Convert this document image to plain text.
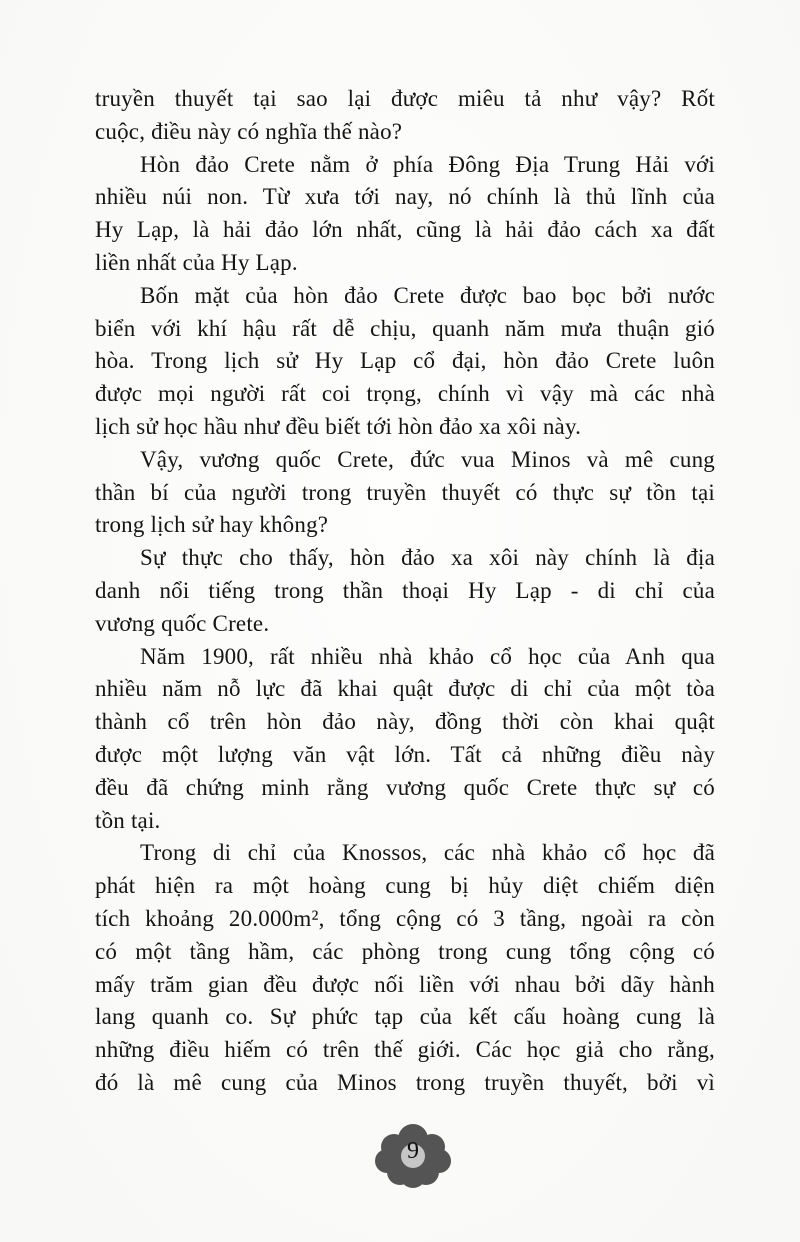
truyền thuyết tại sao lại được miêu tả như vậy? Rốt
cuộc, điều này có nghĩa thế nào?
Hòn đảo Crete nằm ở phía Đông Địa Trung Hải với
nhiều núi non. Từ xưa tới nay, nó chính là thủ lĩnh của
Hy Lạp, là hải đảo lớn nhất, cũng là hải đảo cách xa đất
liền nhất của Hy Lạp.
Bốn mặt của hòn đảo Crete được bao bọc bởi nước
biển với khí hậu rất dễ chịu, quanh năm mưa thuận gió
hòa. Trong lịch sử Hy Lạp cổ đại, hòn đảo Crete luôn
được mọi người rất coi trọng, chính vì vậy mà các nhà
lịch sử học hầu như đều biết tới hòn đảo xa xôi này.
Vậy, vương quốc Crete, đức vua Minos và mê cung
thần bí của người trong truyền thuyết có thực sự tồn tại
trong lịch sử hay không?
Sự thực cho thấy, hòn đảo xa xôi này chính là địa
danh nổi tiếng trong thần thoại Hy Lạp - di chỉ của
vương quốc Crete.
Năm 1900, rất nhiều nhà khảo cổ học của Anh qua
nhiều năm nỗ lực đã khai quật được di chỉ của một tòa
thành cổ trên hòn đảo này, đồng thời còn khai quật
được một lượng văn vật lớn. Tất cả những điều này
đều đã chứng minh rằng vương quốc Crete thực sự có
tồn tại.
Trong di chỉ của Knossos, các nhà khảo cổ học đã
phát hiện ra một hoàng cung bị hủy diệt chiếm diện
tích khoảng 20.000m², tổng cộng có 3 tầng, ngoài ra còn
có một tầng hầm, các phòng trong cung tổng cộng có
mấy trăm gian đều được nối liền với nhau bởi dãy hành
lang quanh co. Sự phức tạp của kết cấu hoàng cung là
những điều hiếm có trên thế giới. Các học giả cho rằng,
đó là mê cung của Minos trong truyền thuyết, bởi vì
9
